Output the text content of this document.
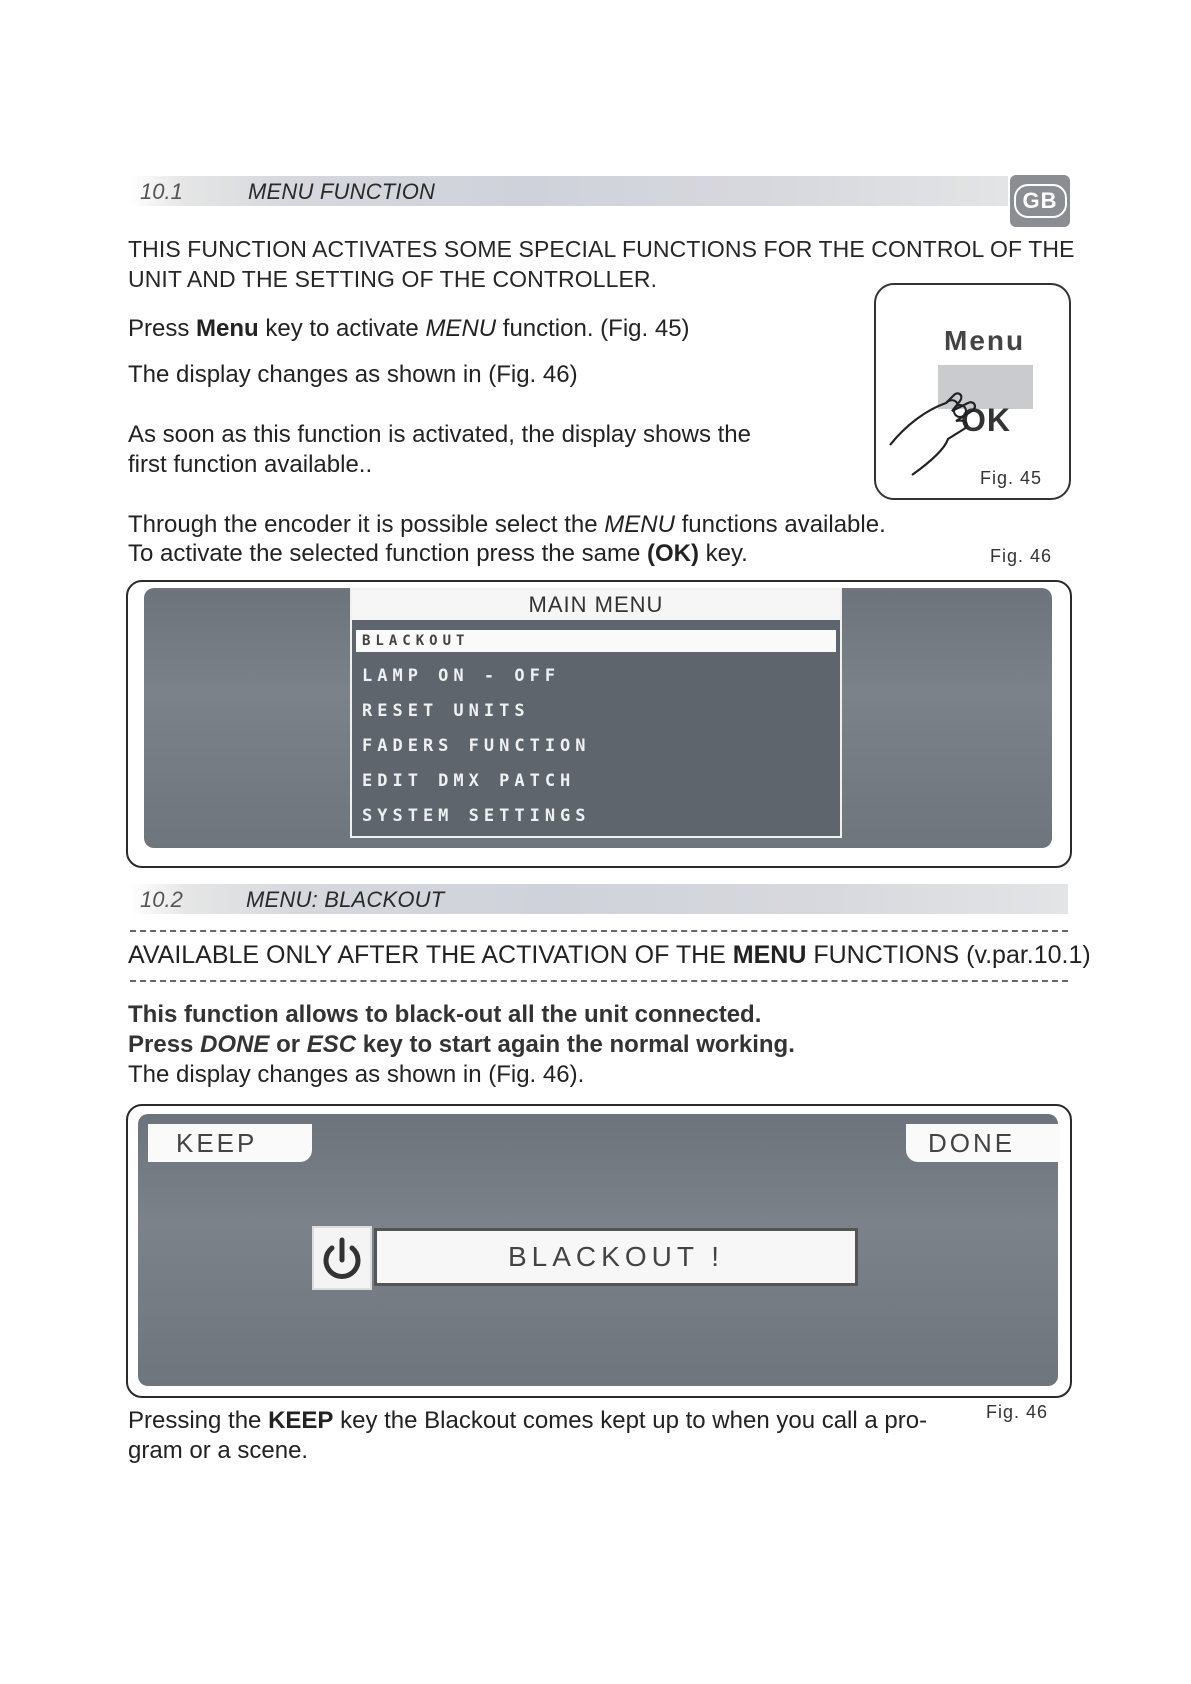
10.1	MENU FUNCTION	GB
THIS FUNCTION ACTIVATES SOME SPECIAL FUNCTIONS FOR THE CONTROL OF THE
UNIT AND THE SETTING OF THE CONTROLLER.
Press Menu key to activate MENU function. (Fig. 45)
The display changes as shown in (Fig. 46)
As soon as this function is activated, the display shows the
first function available..
Through the encoder it is possible select the MENU functions available.
To activate the selected function press the same (OK) key.
Menu
OK
Fig. 45
Fig. 46
MAIN MENU
BLACKOUT
LAMP ON - OFF
RESET UNITS
FADERS FUNCTION
EDIT DMX PATCH
SYSTEM SETTINGS
10.2	MENU: BLACKOUT
AVAILABLE ONLY AFTER THE ACTIVATION OF THE MENU FUNCTIONS (v.par.10.1)
This function allows to black-out all the unit connected.
Press DONE or ESC key to start again the normal working.
The display changes as shown in (Fig. 46).
KEEP	DONE
BLACKOUT !
Pressing the KEEP key the Blackout comes kept up to when you call a pro-
gram or a scene.
Fig. 46
